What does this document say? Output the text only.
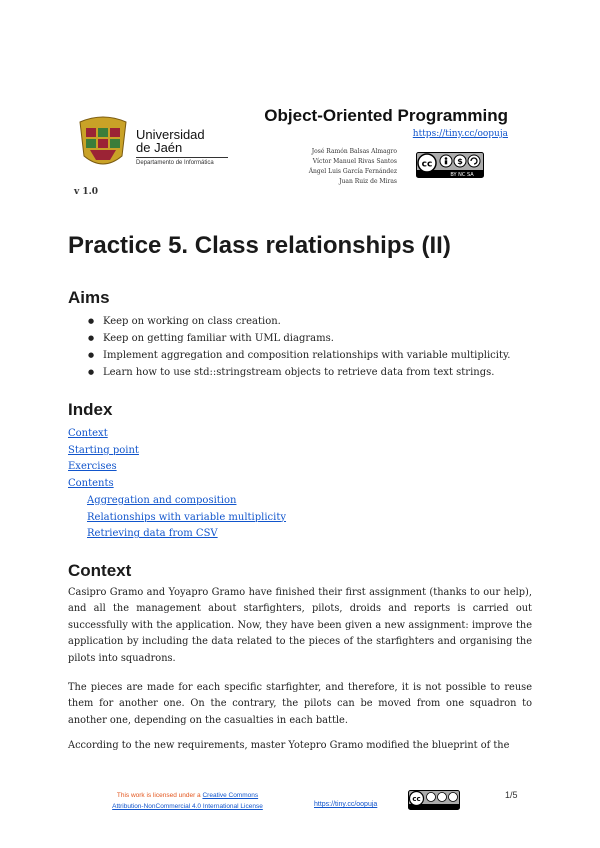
Universidad
de Jaén
Departamento de Informática
v 1.0
Object-Oriented Programming
https://tiny.cc/oopuja
José Ramón Balsas Almagro
Víctor Manuel Rivas Santos
Ángel Luis García Fernández
Juan Ruiz de Miras
cc	$
BY NC SA
Practice 5. Class relationships (II)
Aims
● Keep on working on class creation.
● Keep on getting familiar with UML diagrams.
● Implement aggregation and composition relationships with variable multiplicity.
● Learn how to use std::stringstream objects to retrieve data from text strings.
Index
Context
Starting point
Exercises
Contents
Aggregation and composition
Relationships with variable multiplicity
Retrieving data from CSV
Context

Casipro Gramo and Yoyapro Gramo have finished their first assignment (thanks to our help), and all the management about starfighters, pilots, droids and reports is carried out successfully with the application. Now, they have been given a new assignment: improve the application by including the data related to the pieces of the starfighters and organising the pilots into squadrons.

The pieces are made for each specific starfighter, and therefore, it is not possible to reuse them for another one. On the contrary, the pilots can be moved from one squadron to another one, depending on the casualties in each battle.

According to the new requirements, master Yotepro Gramo modified the blueprint of the

This work is licensed under a Creative Commons
Attribution-NonCommercial 4.0 International License	https://tiny.cc/oopuja
cc	1/5
